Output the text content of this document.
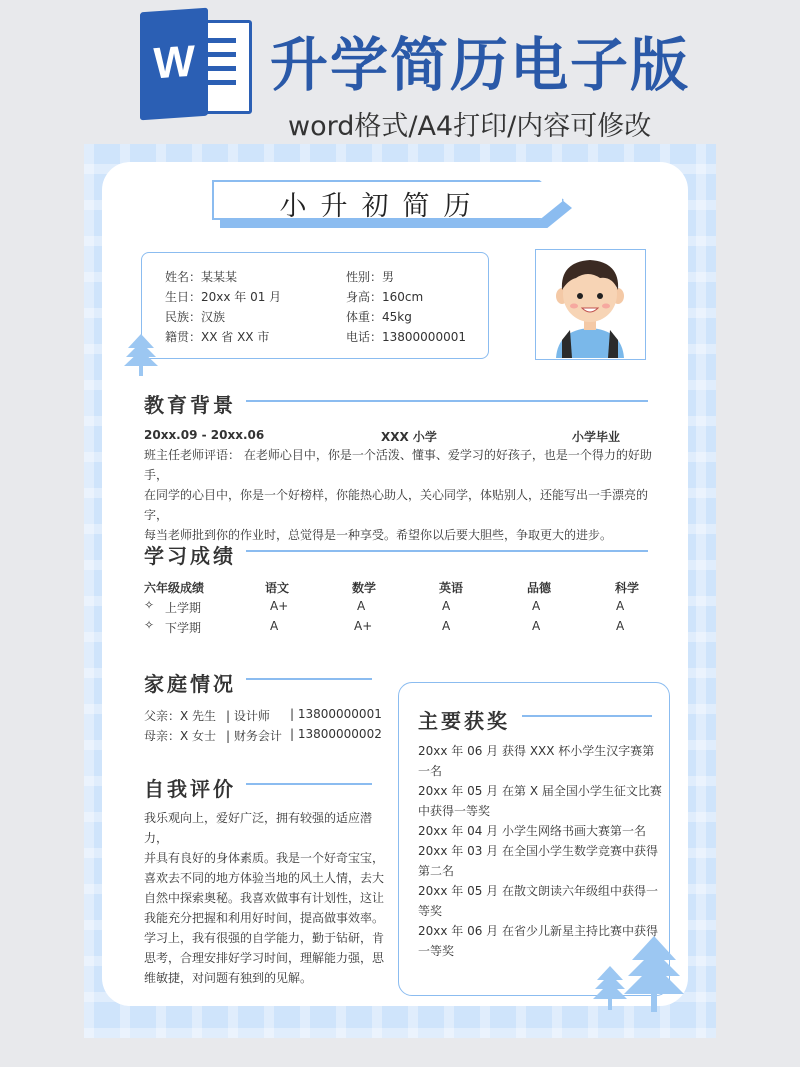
W 升学简历电子版
word格式/A4打印/内容可修改
小升初简历
姓名：某某某	性别：男
生日：20xx 年 01 月	身高：160cm
民族：汉族	体重：45kg
籍贯：XX 省 XX 市	电话：13800000001
教育背景
20xx.09 - 20xx.06	XXX 小学	小学毕业
班主任老师评语： 在老师心目中，你是一个活泼、懂事、爱学习的好孩子，也是一个得力的好助手，
在同学的心目中，你是一个好榜样，你能热心助人，关心同学，体贴别人，还能写出一手漂亮的字，
每当老师批到你的作业时，总觉得是一种享受。希望你以后要大胆些，争取更大的进步。
学习成绩
六年级成绩	语文	数学	英语	品德	科学
✧ 上学期	A+	A	A	A	A
✧ 下学期	A	A+	A	A	A
家庭情况
父亲：X 先生 | 设计师 | 13800000001
母亲：X 女士 | 财务会计 | 13800000002
自我评价
我乐观向上，爱好广泛，拥有较强的适应潜力，
并具有良好的身体素质。我是一个好奇宝宝，
喜欢去不同的地方体验当地的风土人情，去大
自然中探索奥秘。我喜欢做事有计划性，这让
我能充分把握和利用好时间，提高做事效率。
学习上，我有很强的自学能力，勤于钻研，肯
思考，合理安排好学习时间，理解能力强，思
维敏捷，对问题有独到的见解。
主要获奖
20xx 年 06 月 获得 XXX 杯小学生汉字赛第
一名
20xx 年 05 月 在第 X 届全国小学生征文比赛
中获得一等奖
20xx 年 04 月 小学生网络书画大赛第一名
20xx 年 03 月 在全国小学生数学竞赛中获得
第二名
20xx 年 05 月 在散文朗读六年级组中获得一
等奖
20xx 年 06 月 在省少儿新星主持比赛中获得
一等奖
